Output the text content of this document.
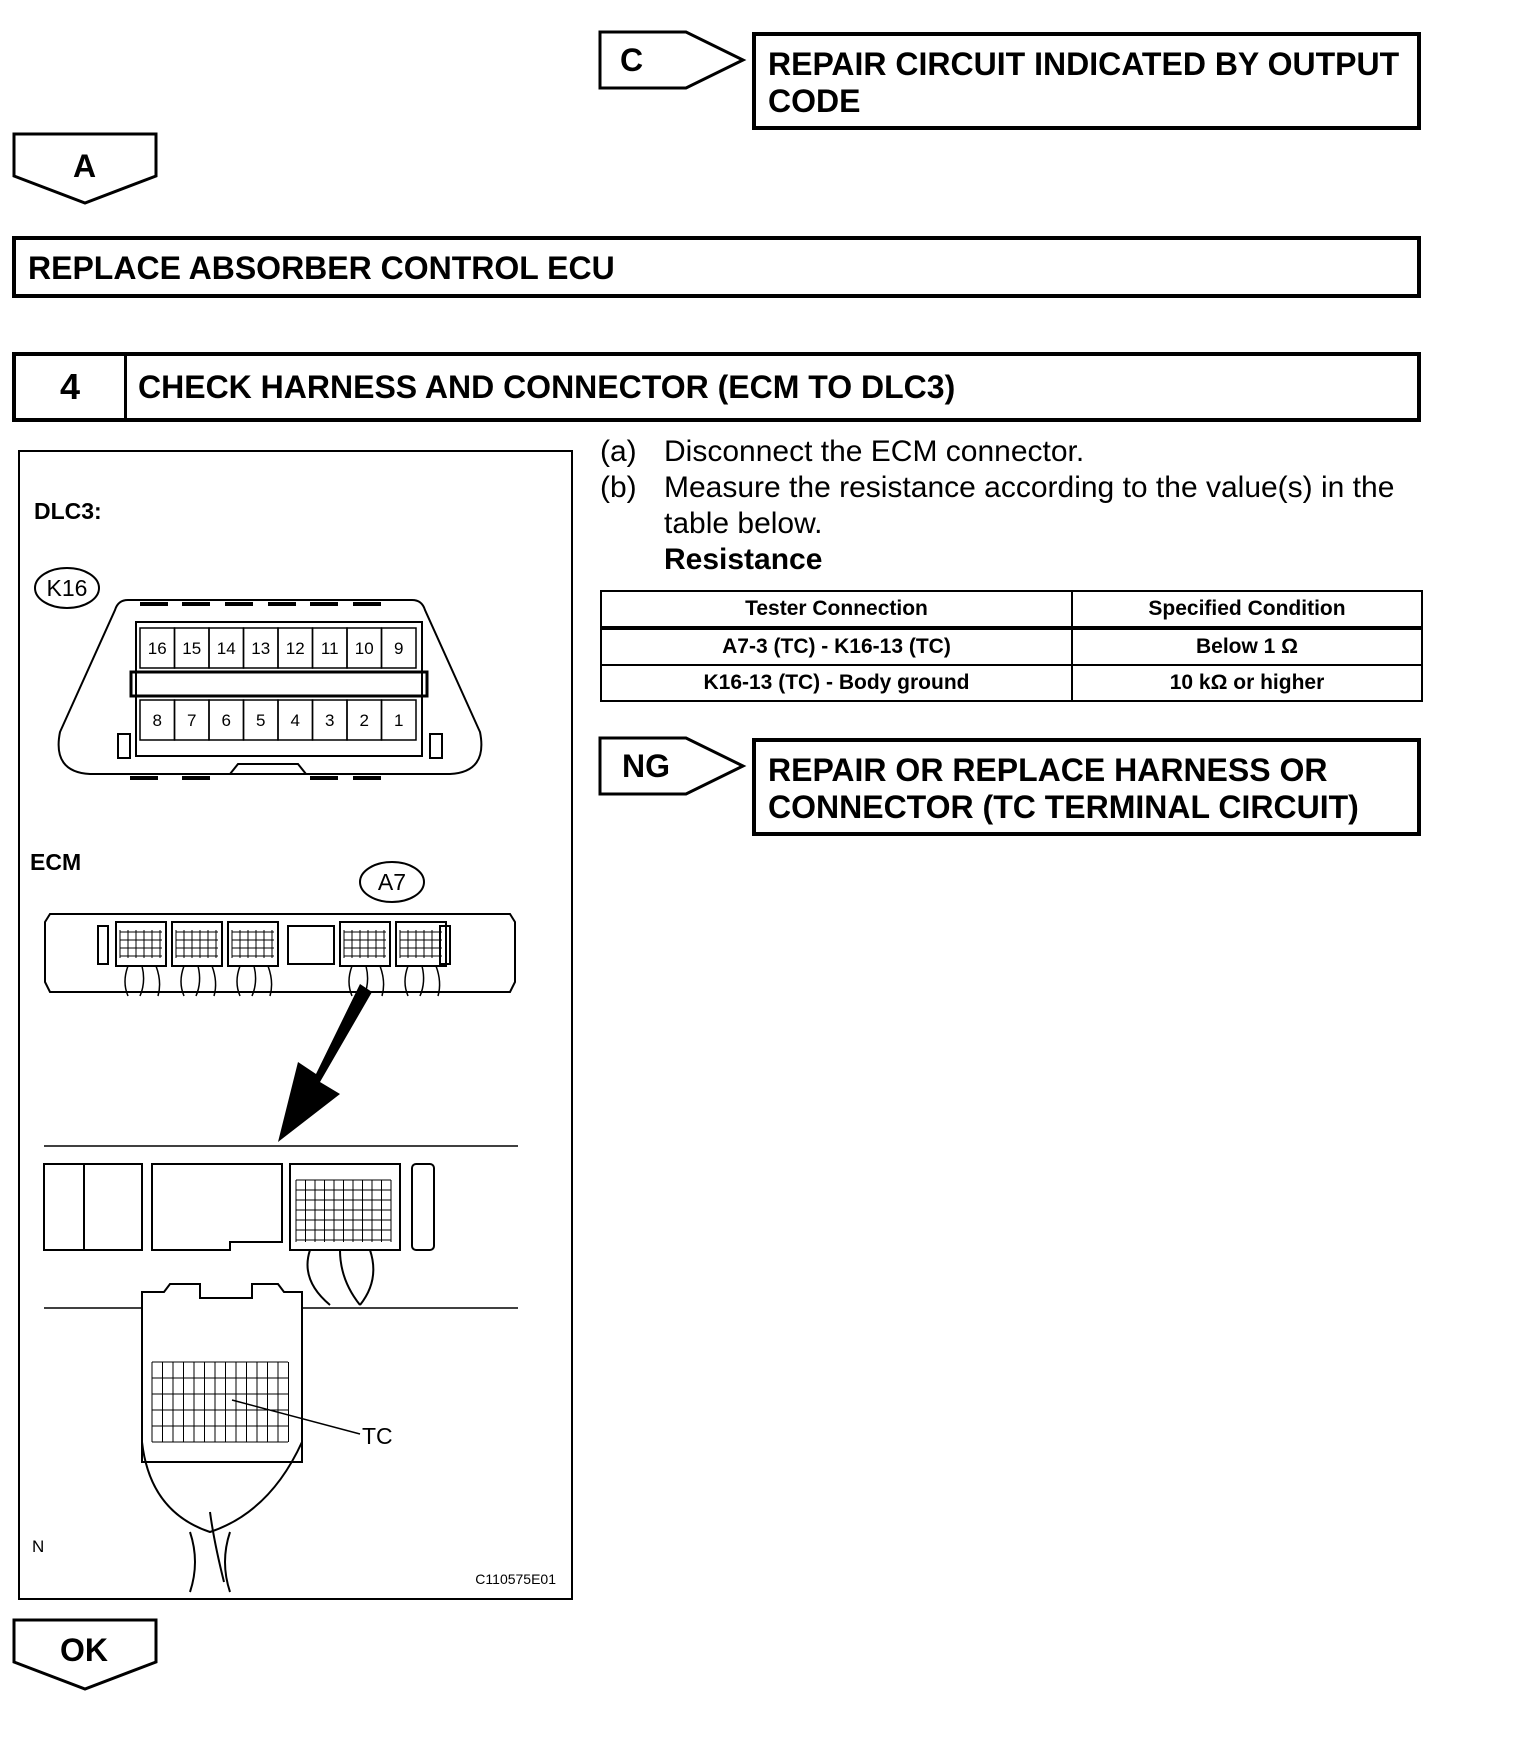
C	REPAIR CIRCUIT INDICATED BY OUTPUT CODE
A
REPLACE ABSORBER CONTROL ECU
4	CHECK HARNESS AND CONNECTOR (ECM TO DLC3)
DLC3:
K16
16 15 14 13 12 11 10 9
8 7 6 5 4 3 2 1
ECM
A7
TC
N
C110575E01
(a) Disconnect the ECM connector.
(b) Measure the resistance according to the value(s) in the table below.
Resistance
Tester Connection	Specified Condition
A7-3 (TC) - K16-13 (TC)	Below 1 Ω
K16-13 (TC) - Body ground	10 kΩ or higher
NG	REPAIR OR REPLACE HARNESS OR CONNECTOR (TC TERMINAL CIRCUIT)
OK
